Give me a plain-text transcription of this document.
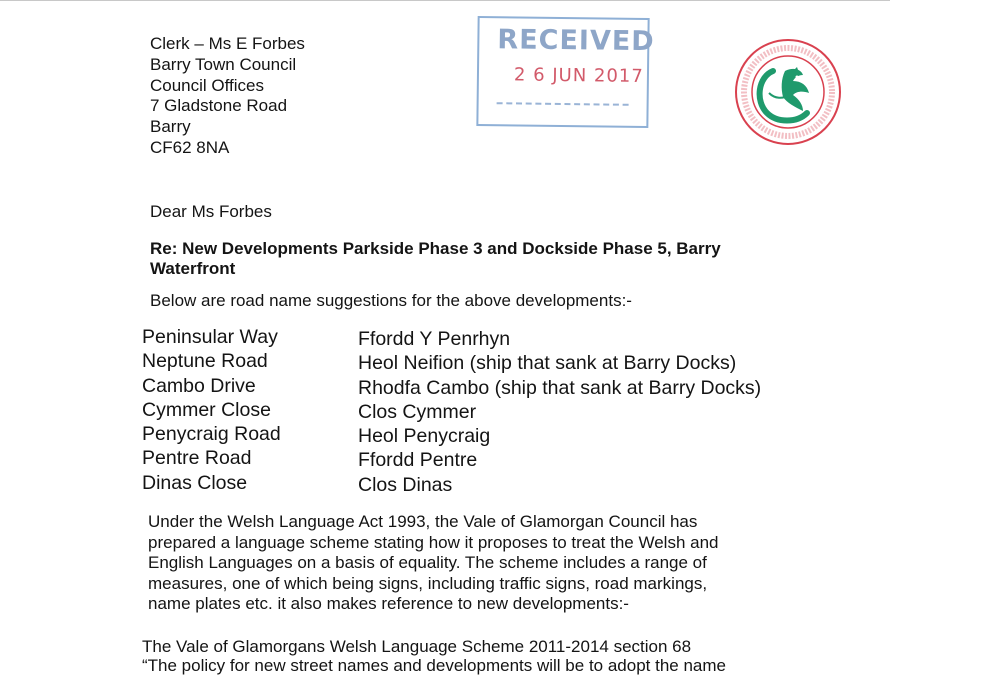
Clerk – Ms E Forbes
Barry Town Council
Council Offices
7 Gladstone Road
Barry
CF62 8NA
RECEIVED
2 6 JUN 2017
Dear Ms Forbes
Re: New Developments Parkside Phase 3 and Dockside Phase 5, Barry
Waterfront
Below are road name suggestions for the above developments:-
Peninsular Way	Ffordd Y Penrhyn
Neptune Road	Heol Neifion (ship that sank at Barry Docks)
Cambo Drive	Rhodfa Cambo (ship that sank at Barry Docks)
Cymmer Close	Clos Cymmer
Penycraig Road	Heol Penycraig
Pentre Road	Ffordd Pentre
Dinas Close	Clos Dinas
Under the Welsh Language Act 1993, the Vale of Glamorgan Council has
prepared a language scheme stating how it proposes to treat the Welsh and
English Languages on a basis of equality. The scheme includes a range of
measures, one of which being signs, including traffic signs, road markings,
name plates etc. it also makes reference to new developments:-
The Vale of Glamorgans Welsh Language Scheme 2011-2014 section 68
“The policy for new street names and developments will be to adopt the name
